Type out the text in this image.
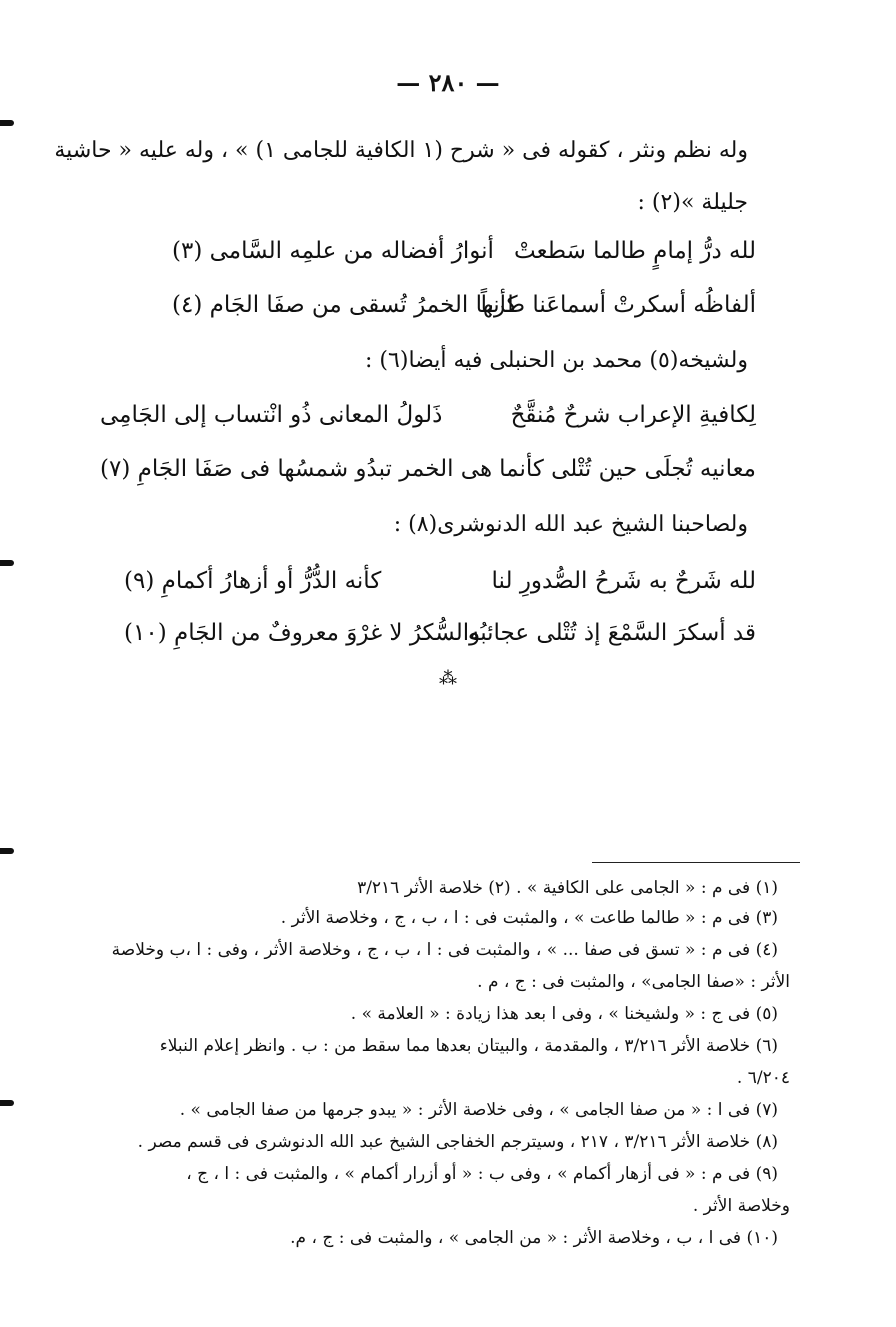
— ٢٨٠ —
وله نظم ونثر ، كقوله فى « شرح (١ الكافية للجامى ١) » ، وله عليه « حاشية
جليلة »(٢) :
لله درُّ إمامٍ طالما سَطعتْ
أنوارُ أفضاله من علمِه السَّامى (٣)
ألفاظُه أسكرتْ أسماعَنا طرباً
كأنها الخمرُ تُسقى من صفَا الجَام (٤)
ولشيخه(٥) محمد بن الحنبلى فيه أيضا(٦) :
لِكافيةِ الإعراب شرحٌ مُنقَّحٌ
ذَلولُ المعانى ذُو انْتساب إلى الجَامِى
معانيه تُجلَى حين تُتْلى كأنما
هى الخمر تبدُو شمسُها فى صَفَا الجَامِ (٧)
ولصاحبنا الشيخ عبد الله الدنوشرى(٨) :
لله شَرحٌ به شَرحُ الصُّدورِ لنا
كأنه الدُّرُّ أو أزهارُ أكمامِ (٩)
قد أسكرَ السَّمْعَ إذ تُتْلى عجائبُه
والسُّكرُ لا غرْوَ معروفٌ من الجَامِ (١٠)
⁂
(١) فى م : « الجامى على الكافية » . (٢) خلاصة الأثر ٣/٢١٦
(٣) فى م : « طالما طاعت » ، والمثبت فى : ا ، ب ، ج ، وخلاصة الأثر .
(٤) فى م : « تسق فى صفا ... » ، والمثبت فى : ا ، ب ، ج ، وخلاصة الأثر ، وفى : ا ،ب وخلاصة
الأثر : «صفا الجامى» ، والمثبت فى : ج ، م .
(٥) فى ج : « ولشيخنا » ، وفى ا بعد هذا زيادة : « العلامة » .
(٦) خلاصة الأثر ٣/٢١٦ ، والمقدمة ، والبيتان بعدها مما سقط من : ب . وانظر إعلام النبلاء
٦/٢٠٤ .
(٧) فى ا : « من صفا الجامى » ، وفى خلاصة الأثر : « يبدو جرمها من صفا الجامى » .
(٨) خلاصة الأثر ٣/٢١٦ ، ٢١٧ ، وسيترجم الخفاجى الشيخ عبد الله الدنوشرى فى قسم مصر .
(٩) فى م : « فى أزهار أكمام » ، وفى ب : « أو أزرار أكمام » ، والمثبت فى : ا ، ج ،
وخلاصة الأثر .
(١٠) فى ا ، ب ، وخلاصة الأثر : « من الجامى » ، والمثبت فى : ج ، م.
